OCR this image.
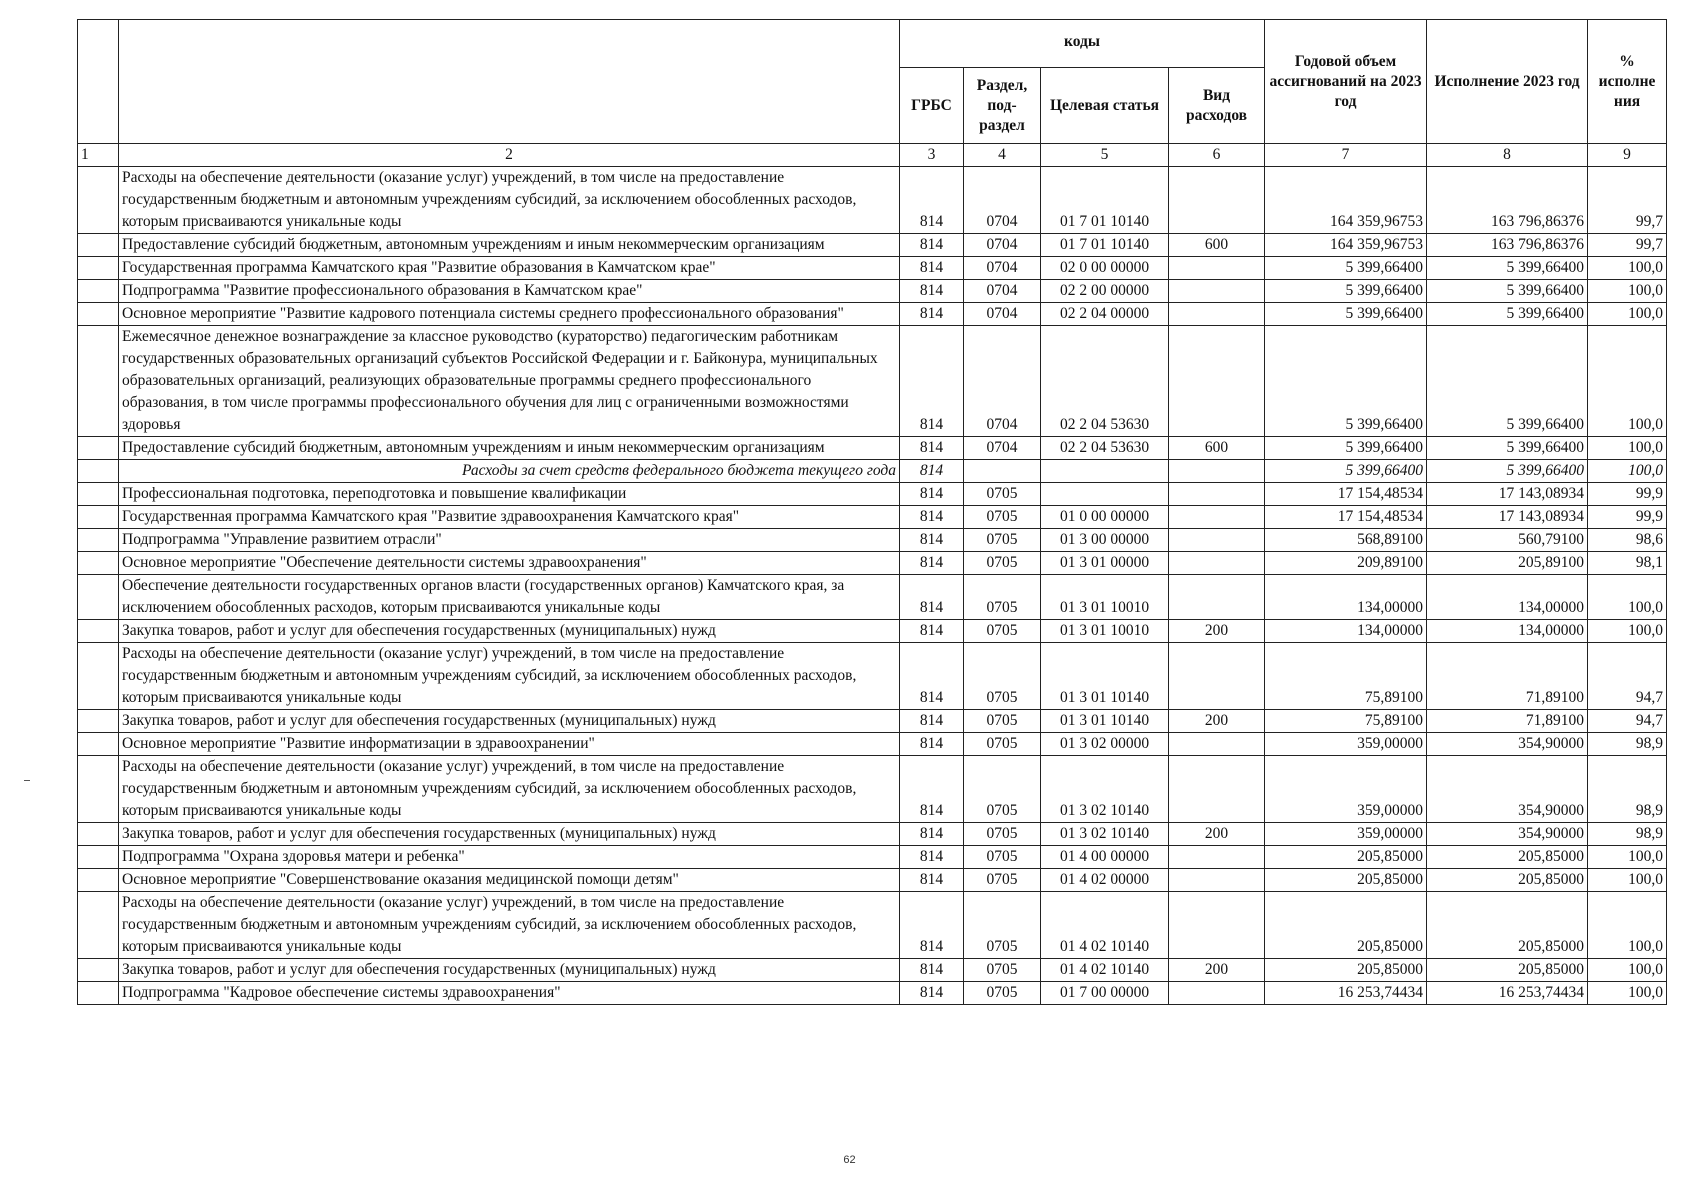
		коды				Годовой объем ассигнований на 2023 год	Исполнение 2023 год	% исполне ния
		ГРБС	Раздел, под-раздел	Целевая статья	Вид расходов			
1	2	3	4	5	6	7	8	9
	Расходы на обеспечение деятельности (оказание услуг) учреждений, в том числе на предоставление государственным бюджетным и автономным учреждениям субсидий, за исключением обособленных расходов, которым присваиваются уникальные коды	814	0704	01 7 01 10140		164 359,96753	163 796,86376	99,7
	Предоставление субсидий бюджетным, автономным учреждениям и иным некоммерческим организациям	814	0704	01 7 01 10140	600	164 359,96753	163 796,86376	99,7
	Государственная программа Камчатского края "Развитие образования в Камчатском крае"	814	0704	02 0 00 00000		5 399,66400	5 399,66400	100,0
	Подпрограмма "Развитие профессионального образования в Камчатском крае"	814	0704	02 2 00 00000		5 399,66400	5 399,66400	100,0
	Основное мероприятие "Развитие кадрового потенциала системы среднего профессионального образования"	814	0704	02 2 04 00000		5 399,66400	5 399,66400	100,0
	Ежемесячное денежное вознаграждение за классное руководство (кураторство) педагогическим работникам государственных образовательных организаций субъектов Российской Федерации и г. Байконура, муниципальных образовательных организаций, реализующих образовательные программы среднего профессионального образования, в том числе программы профессионального обучения для лиц с ограниченными возможностями здоровья	814	0704	02 2 04 53630		5 399,66400	5 399,66400	100,0
	Предоставление субсидий бюджетным, автономным учреждениям и иным некоммерческим организациям	814	0704	02 2 04 53630	600	5 399,66400	5 399,66400	100,0
	Расходы за счет средств федерального бюджета текущего года	814				5 399,66400	5 399,66400	100,0
	Профессиональная подготовка, переподготовка и повышение квалификации	814	0705			17 154,48534	17 143,08934	99,9
	Государственная программа Камчатского края "Развитие здравоохранения Камчатского края"	814	0705	01 0 00 00000		17 154,48534	17 143,08934	99,9
	Подпрограмма "Управление развитием отрасли"	814	0705	01 3 00 00000		568,89100	560,79100	98,6
	Основное мероприятие "Обеспечение деятельности системы здравоохранения"	814	0705	01 3 01 00000		209,89100	205,89100	98,1
	Обеспечение деятельности государственных органов власти (государственных органов) Камчатского края, за исключением обособленных расходов, которым присваиваются уникальные коды	814	0705	01 3 01 10010		134,00000	134,00000	100,0
	Закупка товаров, работ и услуг для обеспечения государственных (муниципальных) нужд	814	0705	01 3 01 10010	200	134,00000	134,00000	100,0
	Расходы на обеспечение деятельности (оказание услуг) учреждений, в том числе на предоставление государственным бюджетным и автономным учреждениям субсидий, за исключением обособленных расходов, которым присваиваются уникальные коды	814	0705	01 3 01 10140		75,89100	71,89100	94,7
	Закупка товаров, работ и услуг для обеспечения государственных (муниципальных) нужд	814	0705	01 3 01 10140	200	75,89100	71,89100	94,7
	Основное мероприятие "Развитие информатизации в здравоохранении"	814	0705	01 3 02 00000		359,00000	354,90000	98,9
	Расходы на обеспечение деятельности (оказание услуг) учреждений, в том числе на предоставление государственным бюджетным и автономным учреждениям субсидий, за исключением обособленных расходов, которым присваиваются уникальные коды	814	0705	01 3 02 10140		359,00000	354,90000	98,9
	Закупка товаров, работ и услуг для обеспечения государственных (муниципальных) нужд	814	0705	01 3 02 10140	200	359,00000	354,90000	98,9
	Подпрограмма "Охрана здоровья матери и ребенка"	814	0705	01 4 00 00000		205,85000	205,85000	100,0
	Основное мероприятие "Совершенствование оказания медицинской помощи детям"	814	0705	01 4 02 00000		205,85000	205,85000	100,0
	Расходы на обеспечение деятельности (оказание услуг) учреждений, в том числе на предоставление государственным бюджетным и автономным учреждениям субсидий, за исключением обособленных расходов, которым присваиваются уникальные коды	814	0705	01 4 02 10140		205,85000	205,85000	100,0
	Закупка товаров, работ и услуг для обеспечения государственных (муниципальных) нужд	814	0705	01 4 02 10140	200	205,85000	205,85000	100,0
	Подпрограмма "Кадровое обеспечение системы здравоохранения"	814	0705	01 7 00 00000		16 253,74434	16 253,74434	100,0
62
